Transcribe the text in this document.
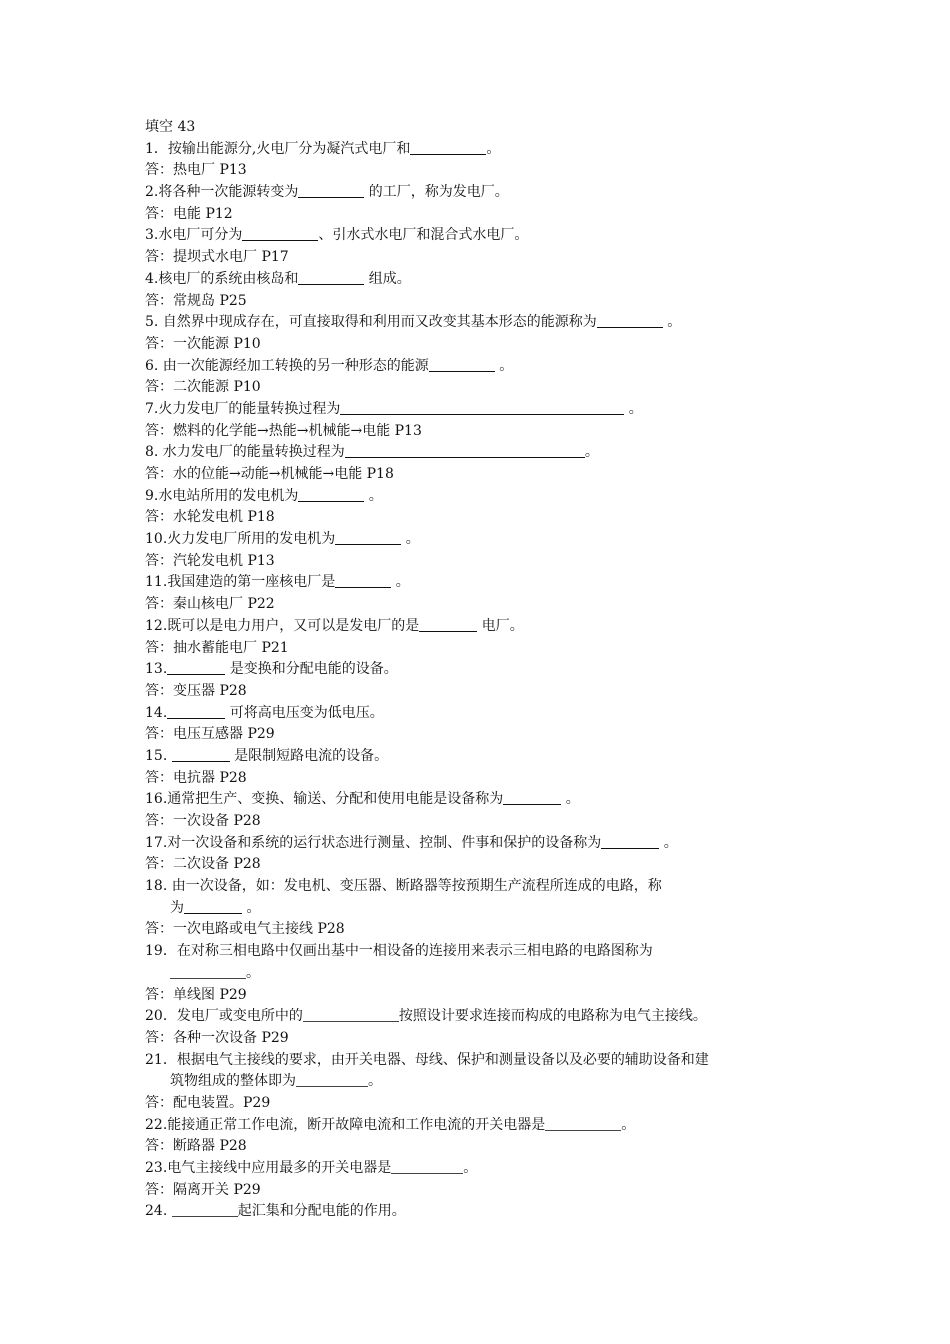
填空 43
1．按输出能源分,火电厂分为凝汽式电厂和	。
答：热电厂 P13
2.将各种一次能源转变为	的工厂，称为发电厂。
答：电能 P12
3.水电厂可分为	、引水式水电厂和混合式水电厂。
答：提坝式水电厂 P17
4.核电厂的系统由核岛和	组成。
答：常规岛 P25
5. 自然界中现成存在，可直接取得和利用而又改变其基本形态的能源称为	。
答：一次能源 P10
6. 由一次能源经加工转换的另一种形态的能源	。
答：二次能源 P10
7.火力发电厂的能量转换过程为	。
答：燃料的化学能→热能→机械能→电能 P13
8. 水力发电厂的能量转换过程为	。
答：水的位能→动能→机械能→电能 P18
9.水电站所用的发电机为	。
答：水轮发电机 P18
10.火力发电厂所用的发电机为	。
答：汽轮发电机 P13
11.我国建造的第一座核电厂是	。
答：秦山核电厂 P22
12.既可以是电力用户，又可以是发电厂的是	电厂。
答：抽水蓄能电厂 P21
13.	是变换和分配电能的设备。
答：变压器 P28
14.	可将高电压变为低电压。
答：电压互感器 P29
15.	是限制短路电流的设备。
答：电抗器 P28
16.通常把生产、变换、输送、分配和使用电能是设备称为	。
答：一次设备 P28
17.对一次设备和系统的运行状态进行测量、控制、件事和保护的设备称为	。
答：二次设备 P28
18. 由一次设备，如：发电机、变压器、断路器等按预期生产流程所连成的电路，称
为	。
答：一次电路或电气主接线 P28
19．在对称三相电路中仅画出基中一相设备的连接用来表示三相电路的电路图称为
。
答：单线图 P29
20．发电厂或变电所中的	按照设计要求连接而构成的电路称为电气主接线。
答：各种一次设备 P29
21．根据电气主接线的要求，由开关电器、母线、保护和测量设备以及必要的辅助设备和建
筑物组成的整体即为	。
答：配电装置。P29
22.能接通正常工作电流，断开故障电流和工作电流的开关电器是	。
答：断路器 P28
23.电气主接线中应用最多的开关电器是	。
答：隔离开关 P29
24.	起汇集和分配电能的作用。
